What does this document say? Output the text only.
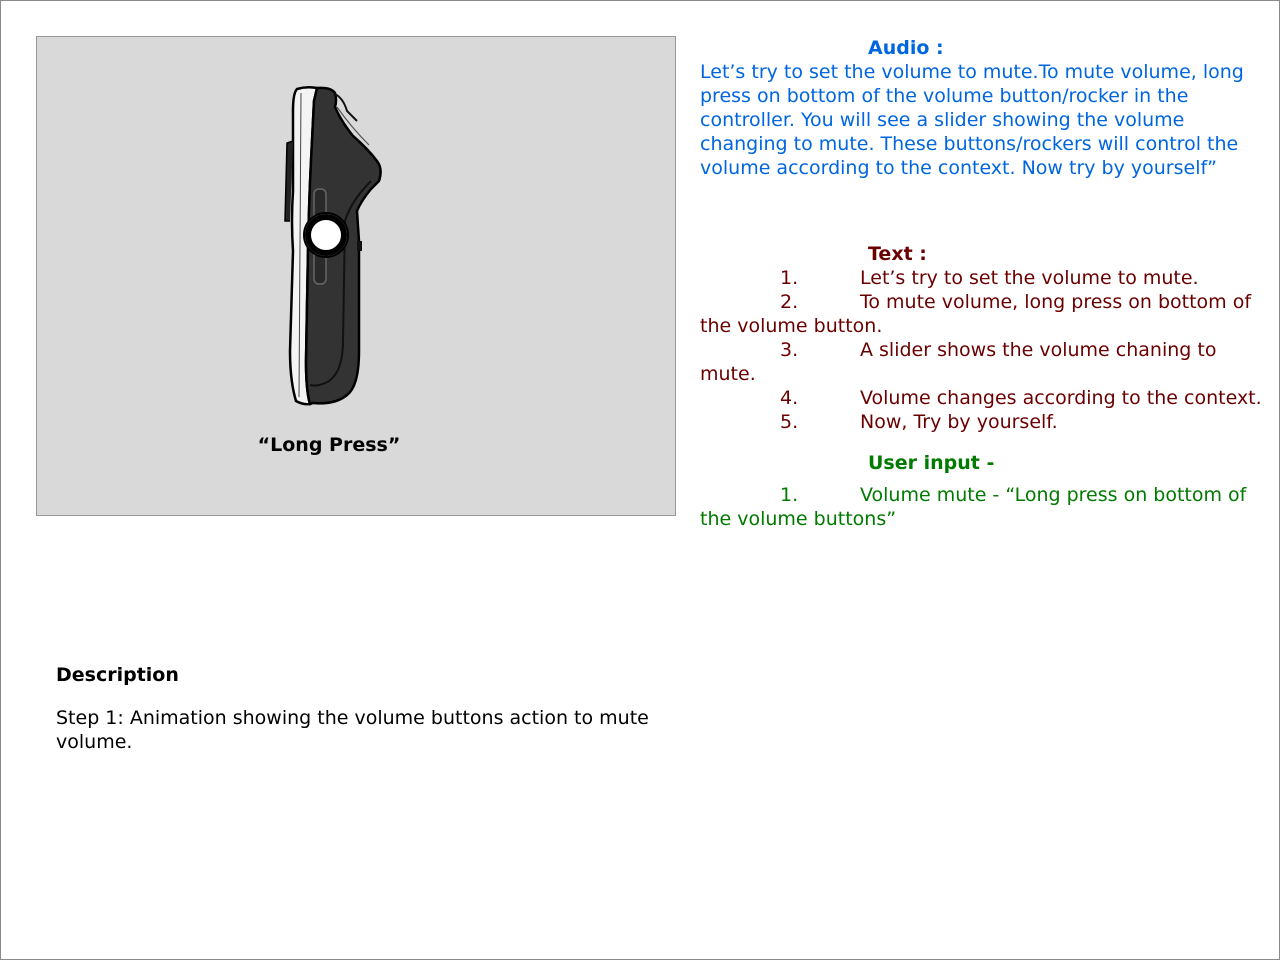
“Long Press”

Description

Step 1: Animation showing the volume buttons action to mute volume.

Audio :
Let’s try to set the volume to mute.To mute volume, long press on bottom of the volume button/rocker in the controller. You will see a slider showing the volume changing to mute. These buttons/rockers will control the volume according to the context. Now try by yourself”
Text :
1.	Let’s try to set the volume to mute.
2.	To mute volume, long press on bottom of the volume button.
3.	A slider shows the volume chaning to mute.
4.	Volume changes according to the context.
5.	Now, Try by yourself.
User input -
1.	Volume mute - “Long press on bottom of the volume buttons”
